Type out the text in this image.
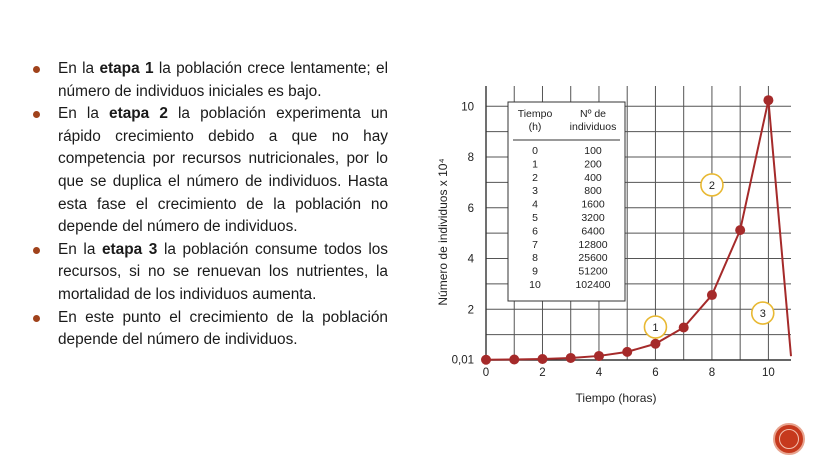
En la etapa 1 la población crece lentamente; el número de individuos iniciales es bajo.
En la etapa 2 la población experimenta un rápido crecimiento debido a que no hay competencia por recursos nutricionales, por lo que se duplica el número de individuos. Hasta esta fase el crecimiento de la población no depende del número de individuos.
En la etapa 3 la población consume todos los recursos, si no se renuevan los nutrientes, la mortalidad de los individuos aumenta.
En este punto el crecimiento de la población depende del número de individuos.
0	2	4	6	8	10
0,01
2
4
6
8
10
Tiempo (horas)
Número de individuos x 10⁴
Tiempo
(h)
Nº de
individuos
0	100
1	200
2	400
3	800
4	1600
5	3200
6	6400
7	12800
8	25600
9	51200
10	102400
1
2
3
